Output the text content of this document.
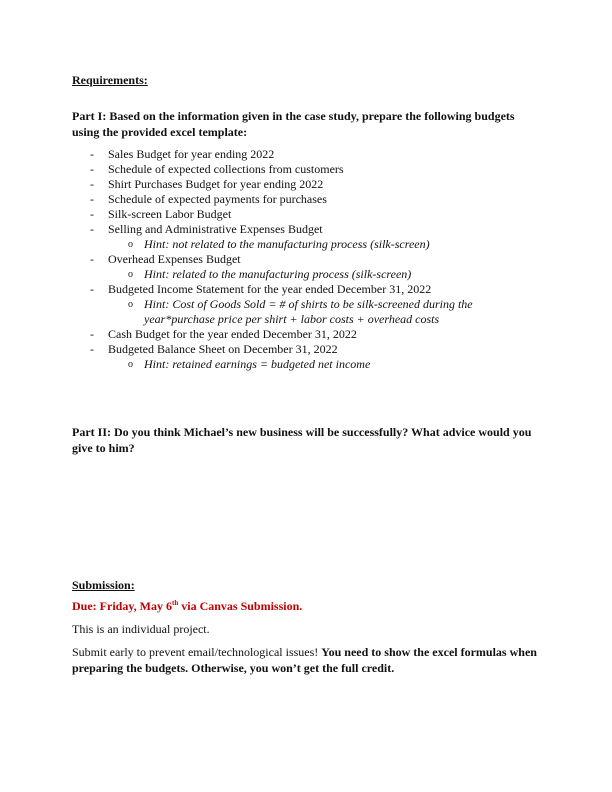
Requirements:
Part I: Based on the information given in the case study, prepare the following budgets
using the provided excel template:
-	Sales Budget for year ending 2022
-	Schedule of expected collections from customers
-	Shirt Purchases Budget for year ending 2022
-	Schedule of expected payments for purchases
-	Silk-screen Labor Budget
-	Selling and Administrative Expenses Budget
o Hint: not related to the manufacturing process (silk-screen)
-	Overhead Expenses Budget
o Hint: related to the manufacturing process (silk-screen)
-	Budgeted Income Statement for the year ended December 31, 2022
o Hint: Cost of Goods Sold = # of shirts to be silk-screened during the
year*purchase price per shirt + labor costs + overhead costs
-	Cash Budget for the year ended December 31, 2022
-	Budgeted Balance Sheet on December 31, 2022
o Hint: retained earnings = budgeted net income
Part II: Do you think Michael’s new business will be successfully? What advice would you
give to him?
Submission:
Due: Friday, May 6th via Canvas Submission.
This is an individual project.
Submit early to prevent email/technological issues! You need to show the excel formulas when
preparing the budgets. Otherwise, you won’t get the full credit.
